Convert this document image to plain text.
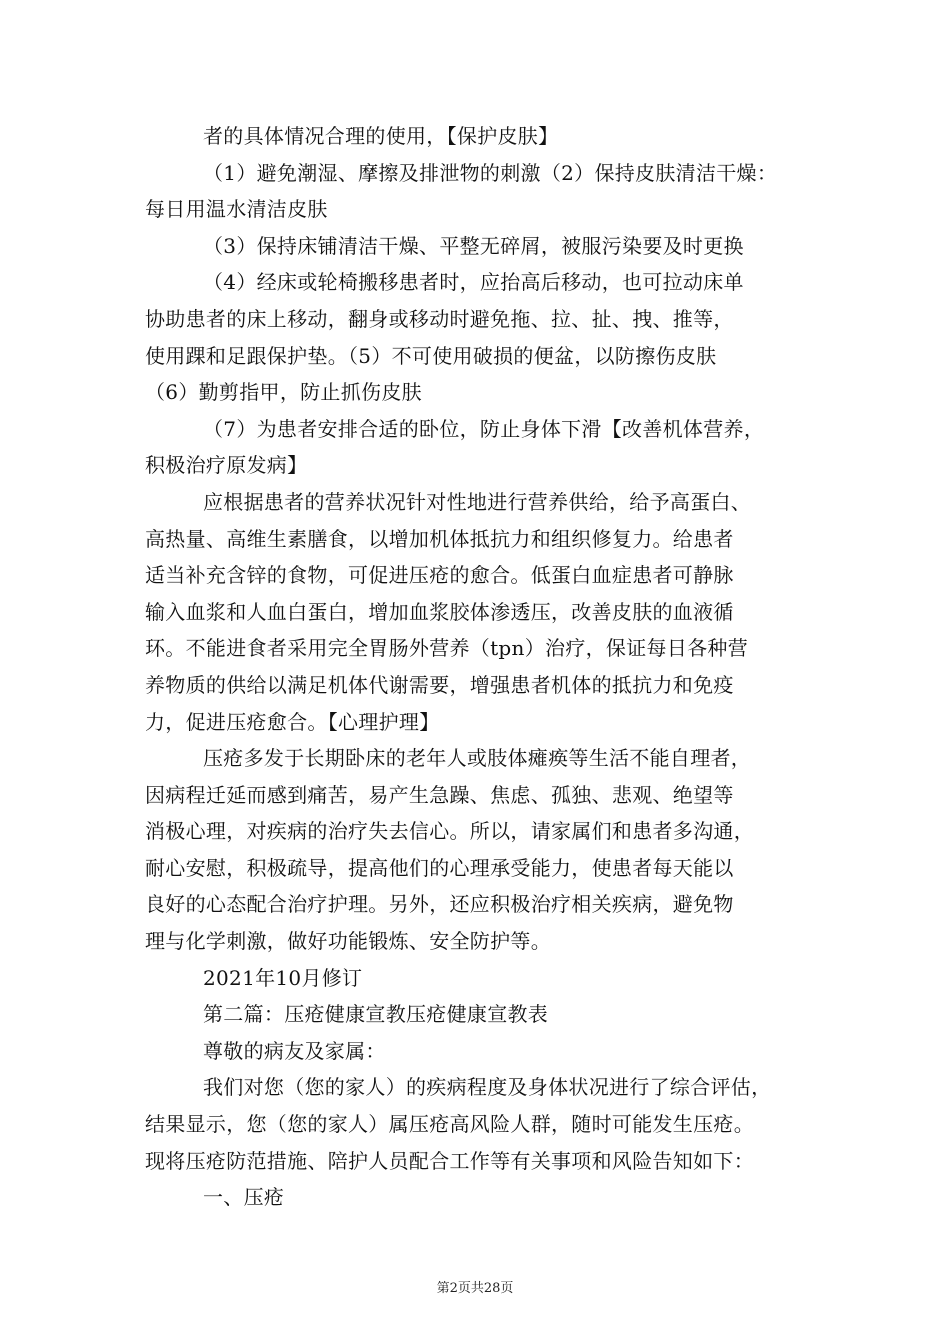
者的具体情况合理的使用，【保护皮肤】

（1）避免潮湿、摩擦及排泄物的刺激（2）保持皮肤清洁干燥：

每日用温水清洁皮肤

（3）保持床铺清洁干燥、平整无碎屑，被服污染要及时更换

（4）经床或轮椅搬移患者时，应抬高后移动，也可拉动床单

协助患者的床上移动，翻身或移动时避免拖、拉、扯、拽、推等，

使用踝和足跟保护垫。（5）不可使用破损的便盆，以防擦伤皮肤

（6）勤剪指甲，防止抓伤皮肤

（7）为患者安排合适的卧位，防止身体下滑【改善机体营养，

积极治疗原发病】

应根据患者的营养状况针对性地进行营养供给，给予高蛋白、

高热量、高维生素膳食，以增加机体抵抗力和组织修复力。给患者

适当补充含锌的食物，可促进压疮的愈合。低蛋白血症患者可静脉

输入血浆和人血白蛋白，增加血浆胶体渗透压，改善皮肤的血液循

环。不能进食者采用完全胃肠外营养（tpn）治疗，保证每日各种营

养物质的供给以满足机体代谢需要，增强患者机体的抵抗力和免疫

力，促进压疮愈合。【心理护理】

压疮多发于长期卧床的老年人或肢体瘫痪等生活不能自理者，

因病程迁延而感到痛苦，易产生急躁、焦虑、孤独、悲观、绝望等

消极心理，对疾病的治疗失去信心。所以，请家属们和患者多沟通，

耐心安慰，积极疏导，提高他们的心理承受能力，使患者每天能以

良好的心态配合治疗护理。另外，还应积极治疗相关疾病，避免物

理与化学刺激，做好功能锻炼、安全防护等。

2021年10月修订

第二篇：压疮健康宣教压疮健康宣教表

尊敬的病友及家属：

我们对您（您的家人）的疾病程度及身体状况进行了综合评估，

结果显示，您（您的家人）属压疮高风险人群，随时可能发生压疮。

现将压疮防范措施、陪护人员配合工作等有关事项和风险告知如下：

一、压疮

第2页共28页
